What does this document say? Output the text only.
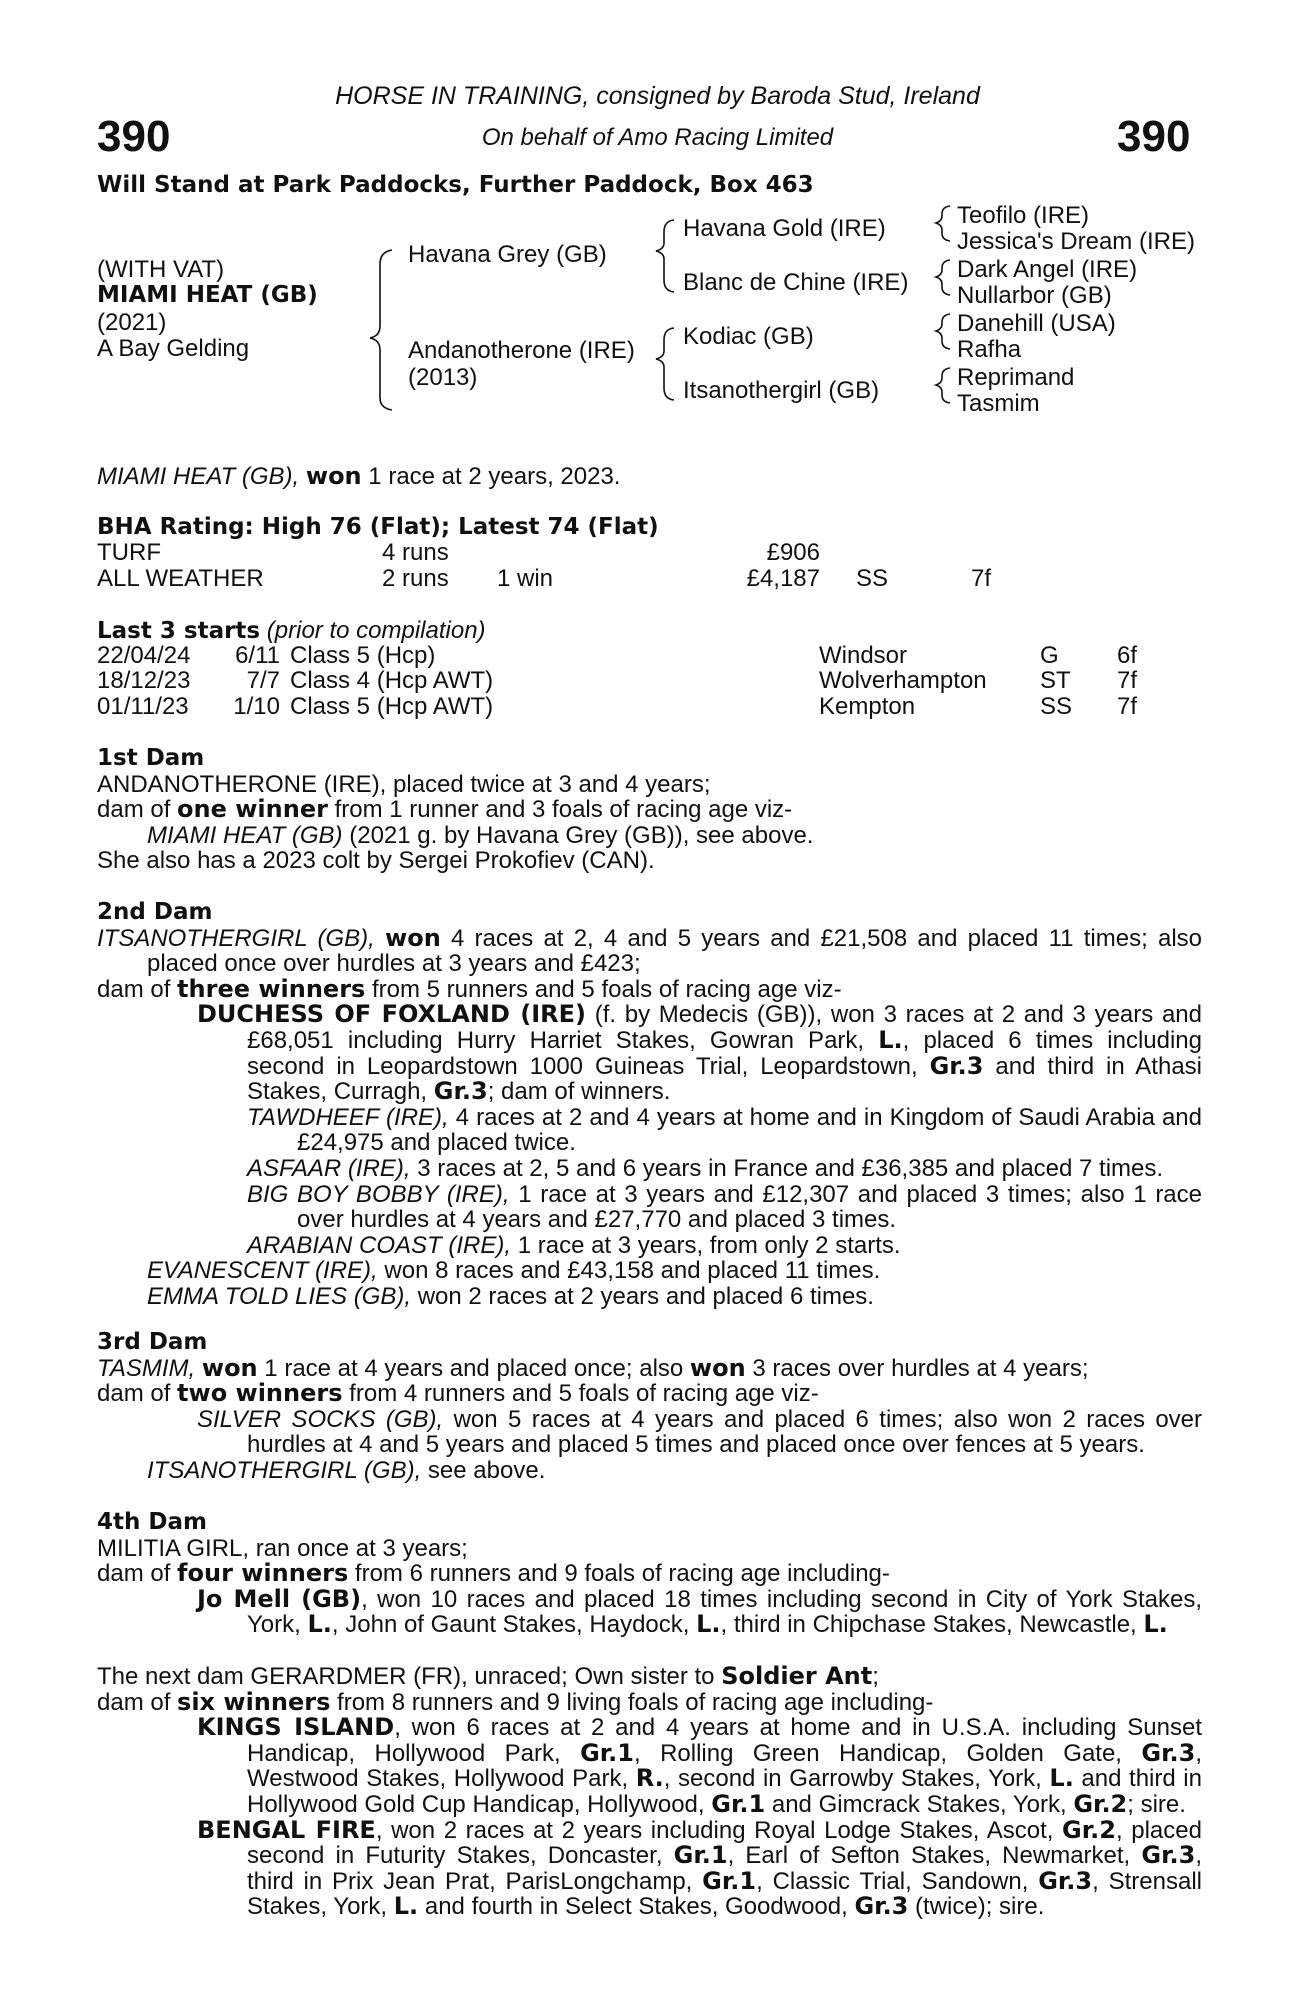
390	390
HORSE IN TRAINING, consigned by Baroda Stud, Ireland
On behalf of Amo Racing Limited
Will Stand at Park Paddocks, Further Paddock, Box 463
(WITH VAT)
MIAMI HEAT (GB)
(2021)
A Bay Gelding
Havana Grey (GB)
Andanotherone (IRE)
(2013)
Havana Gold (IRE)
Blanc de Chine (IRE)
Kodiac (GB)
Itsanothergirl (GB)
Teofilo (IRE)
Jessica's Dream (IRE)
Dark Angel (IRE)
Nullarbor (GB)
Danehill (USA)
Rafha
Reprimand
Tasmim
MIAMI HEAT (GB), won 1 race at 2 years, 2023.
BHA Rating: High 76 (Flat); Latest 74 (Flat)
TURF	4 runs	£906
ALL WEATHER	2 runs 1 win	£4,187 SS	7f
Last 3 starts (prior to compilation)
22/04/24	6/11 Class 5 (Hcp)	Windsor	G 6f
18/12/23	7/7 Class 4 (Hcp AWT)	Wolverhampton ST 7f
01/11/23	1/10 Class 5 (Hcp AWT)	Kempton	SS 7f

1st Dam

ANDANOTHERONE (IRE), placed twice at 3 and 4 years;

dam of one winner from 1 runner and 3 foals of racing age viz-

MIAMI HEAT (GB) (2021 g. by Havana Grey (GB)), see above.

She also has a 2023 colt by Sergei Prokofiev (CAN).

2nd Dam

ITSANOTHERGIRL (GB), won 4 races at 2, 4 and 5 years and £21,508 and placed 11 times; also placed once over hurdles at 3 years and £423;

dam of three winners from 5 runners and 5 foals of racing age viz-

DUCHESS OF FOXLAND (IRE) (f. by Medecis (GB)), won 3 races at 2 and 3 years and £68,051 including Hurry Harriet Stakes, Gowran Park, L., placed 6 times including second in Leopardstown 1000 Guineas Trial, Leopardstown, Gr.3 and third in Athasi Stakes, Curragh, Gr.3; dam of winners.

TAWDHEEF (IRE), 4 races at 2 and 4 years at home and in Kingdom of Saudi Arabia and £24,975 and placed twice.

ASFAAR (IRE), 3 races at 2, 5 and 6 years in France and £36,385 and placed 7 times.

BIG BOY BOBBY (IRE), 1 race at 3 years and £12,307 and placed 3 times; also 1 race over hurdles at 4 years and £27,770 and placed 3 times.

ARABIAN COAST (IRE), 1 race at 3 years, from only 2 starts.

EVANESCENT (IRE), won 8 races and £43,158 and placed 11 times.

EMMA TOLD LIES (GB), won 2 races at 2 years and placed 6 times.

3rd Dam

TASMIM, won 1 race at 4 years and placed once; also won 3 races over hurdles at 4 years;

dam of two winners from 4 runners and 5 foals of racing age viz-

SILVER SOCKS (GB), won 5 races at 4 years and placed 6 times; also won 2 races over hurdles at 4 and 5 years and placed 5 times and placed once over fences at 5 years.

ITSANOTHERGIRL (GB), see above.

4th Dam

MILITIA GIRL, ran once at 3 years;

dam of four winners from 6 runners and 9 foals of racing age including-

Jo Mell (GB), won 10 races and placed 18 times including second in City of York Stakes, York, L., John of Gaunt Stakes, Haydock, L., third in Chipchase Stakes, Newcastle, L.

The next dam GERARDMER (FR), unraced; Own sister to Soldier Ant;

dam of six winners from 8 runners and 9 living foals of racing age including-

KINGS ISLAND, won 6 races at 2 and 4 years at home and in U.S.A. including Sunset Handicap, Hollywood Park, Gr.1, Rolling Green Handicap, Golden Gate, Gr.3, Westwood Stakes, Hollywood Park, R., second in Garrowby Stakes, York, L. and third in Hollywood Gold Cup Handicap, Hollywood, Gr.1 and Gimcrack Stakes, York, Gr.2; sire.

BENGAL FIRE, won 2 races at 2 years including Royal Lodge Stakes, Ascot, Gr.2, placed second in Futurity Stakes, Doncaster, Gr.1, Earl of Sefton Stakes, Newmarket, Gr.3, third in Prix Jean Prat, ParisLongchamp, Gr.1, Classic Trial, Sandown, Gr.3, Strensall Stakes, York, L. and fourth in Select Stakes, Goodwood, Gr.3 (twice); sire.
